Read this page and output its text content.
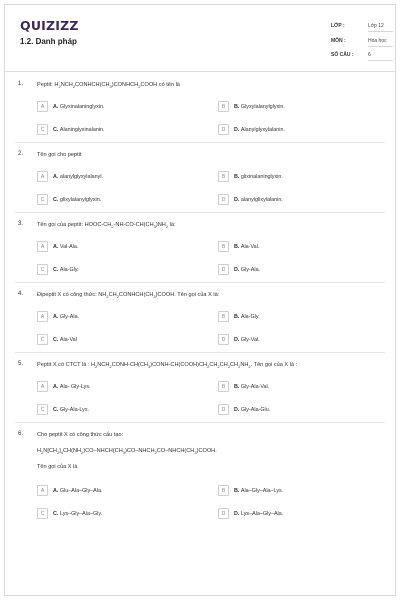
QUIZIZZ
1.2. Danh pháp
LỚP :	Lớp 12
MÔN :	Hóa học
SỐ CÂU :	6
1. Peptit: $H_2NCH_2CONHCH(CH_3)CONHCH_2COOH$ có tên là
A	A. Glyxinalaninglyxin.	B	B. Glyxylalanylglyxin.
C	C. Alaninglyxinalanin.	D	D. Alanylglyxylalanin.
2. Tên gọi cho peptit
A	A. alanylglyxylalanyl.	B	B. glixinalaninglyxin.
C	C. glixylalanylglyxin.	D	D. alanylglixylalanin.
3. Tên gọi của peptit: HOOC-$CH_2-NH-CO-CH(CH_3)NH_2$ là:
A	A. Val-Ala.	B	B. Ala-Val.
C	C. Ala-Gly.	D	D. Gly-Ala.
4. Đipeptit X có công thức: $NH_2CH_2CONHCH(CH_3)COOH$. Tên gọi của X là:
A	A. Gly-Ala.	B	B. Ala-Gly.
C	C. Ala-Val	D	D. Gly-Val.
5. Peptit X có CTCT là : $H_2NCH_2CONH-CH(CH_3)CONH-CH(COOH)CH_2CH_2CH_2CH_2NH_2$. Tên gọi của X là :
A	A. Ala- Gly-Lys.	B	B. Gly-Ala-Val.
C	C. Gly-Ala-Lys.	D	D. Gly-Ala-Glu.
6. Cho peptit X có công thức cấu tạo:
$H_2N[CH_2]_4CH(NH_2)CO-NHCH(CH_3)CO-NHCH_2CO-NHCH(CH_3)COOH$.
Tên gọi của X là
A	A. Glu–Ala–Gly–Ala.	B	B. Ala–Gly–Ala–Lys.
C	C. Lys–Gly–Ala–Gly.	D	D. Lys–Ala–Gly–Ala.
